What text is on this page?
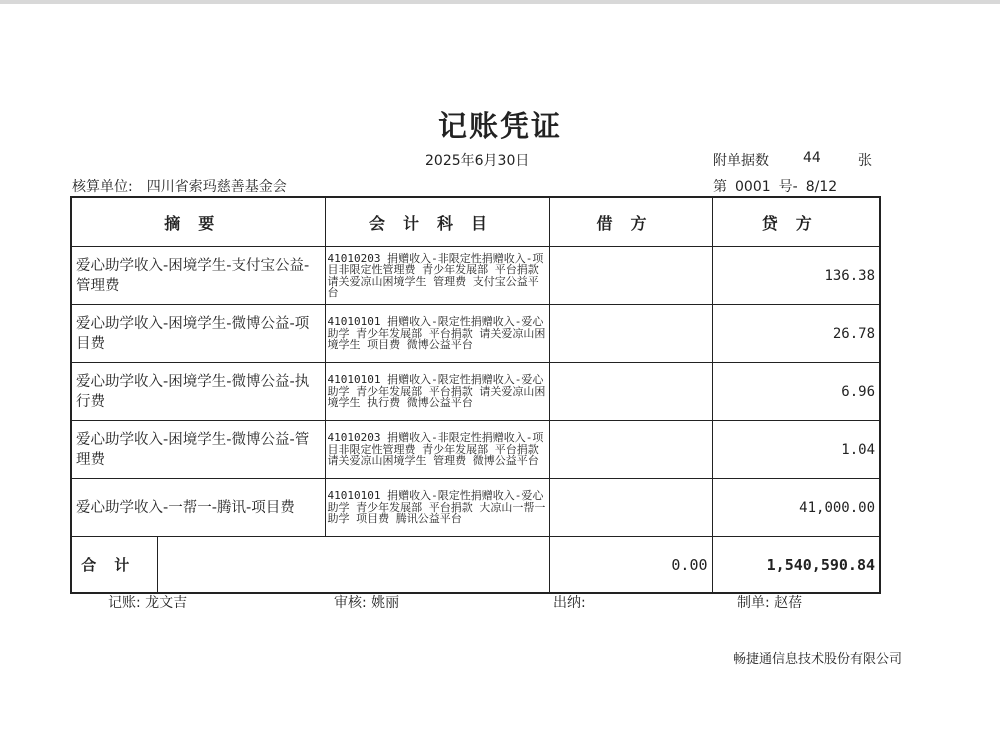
记账凭证
2025年6月30日	附单据数 44	张
核算单位: 四川省索玛慈善基金会	第 0001 号- 8/12
摘要		会计科目	借方	贷方
爱心助学收入-困境学生-支付宝公益-管理费		41010203 捐赠收入-非限定性捐赠收入-项目非限定性管理费 青少年发展部 平台捐款 请关爱凉山困境学生 管理费 支付宝公益平台		136.38
爱心助学收入-困境学生-微博公益-项目费		41010101 捐赠收入-限定性捐赠收入-爱心助学 青少年发展部 平台捐款 请关爱凉山困境学生 项目费 微博公益平台		26.78
爱心助学收入-困境学生-微博公益-执行费		41010101 捐赠收入-限定性捐赠收入-爱心助学 青少年发展部 平台捐款 请关爱凉山困境学生 执行费 微博公益平台		6.96
爱心助学收入-困境学生-微博公益-管理费		41010203 捐赠收入-非限定性捐赠收入-项目非限定性管理费 青少年发展部 平台捐款 请关爱凉山困境学生 管理费 微博公益平台		1.04
爱心助学收入-一帮一-腾讯-项目费		41010101 捐赠收入-限定性捐赠收入-爱心助学 青少年发展部 平台捐款 大凉山一帮一助学 项目费 腾讯公益平台		41,000.00
合计			0.00	1,540,590.84
记账: 龙文吉	审核: 姚丽	出纳:	制单: 赵蓓
畅捷通信息技术股份有限公司
